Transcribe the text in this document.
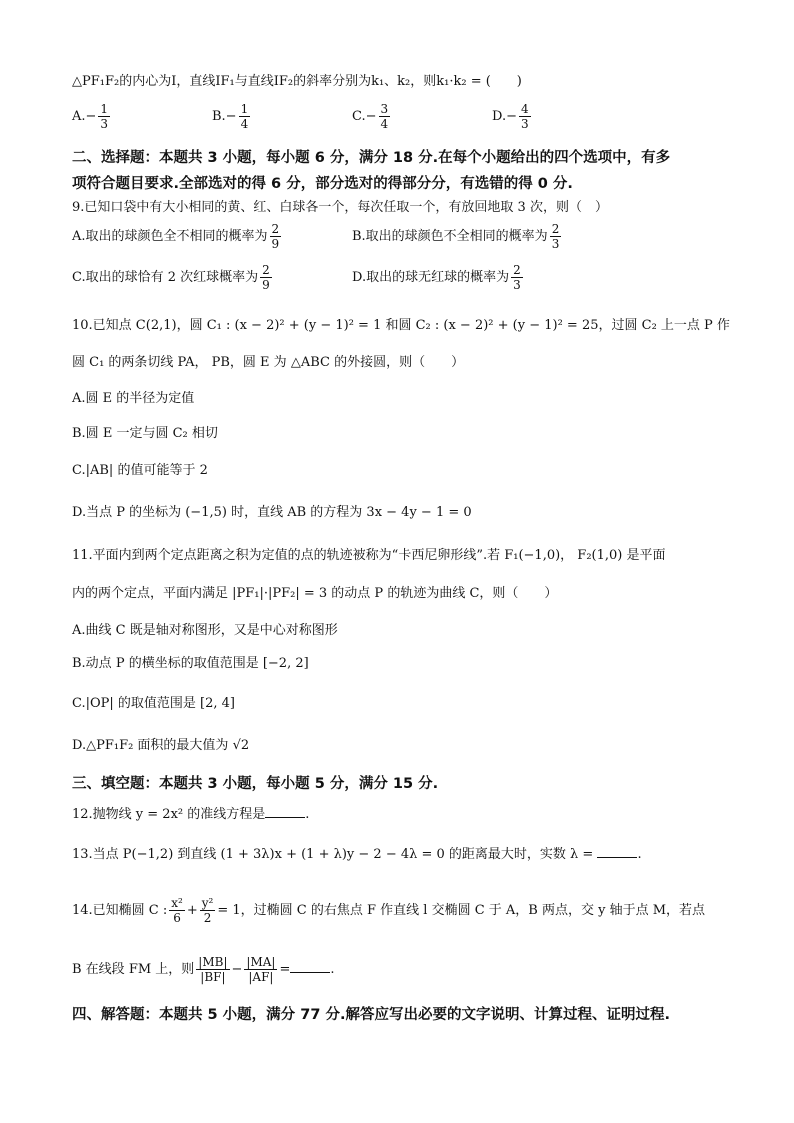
△PF₁F₂的内心为I，直线IF₁与直线IF₂的斜率分别为k₁、k₂，则k₁·k₂ = (　　)
$A.- \frac{1}{3}$	$B.- \frac{1}{4}$	$C.- \frac{3}{4}$	$D.- \frac{4}{3}$
二、选择题：本题共 3 小题，每小题 6 分，满分 18 分.在每个小题给出的四个选项中，有多
项符合题目要求.全部选对的得 6 分，部分选对的得部分分，有选错的得 0 分.
9.已知口袋中有大小相同的黄、红、白球各一个，每次任取一个，有放回地取 3 次，则（　）
A.取出的球颜色全不相同的概率为 $\frac{2}{9}$	B.取出的球颜色不全相同的概率为 $\frac{2}{3}$
C.取出的球恰有 2 次红球概率为 $\frac{2}{9}$	D.取出的球无红球的概率为 $\frac{2}{3}$
10.已知点 C(2,1)，圆 C₁ : (x − 2)² + (y − 1)² = 1 和圆 C₂ : (x − 2)² + (y − 1)² = 25，过圆 C₂ 上一点 P 作
圆 C₁ 的两条切线 PA， PB，圆 E 为 △ABC 的外接圆，则（　　）
A.圆 E 的半径为定值
B.圆 E 一定与圆 C₂ 相切
C.|AB| 的值可能等于 2
D.当点 P 的坐标为 (−1,5) 时，直线 AB 的方程为 3x − 4y − 1 = 0
11.平面内到两个定点距离之积为定值的点的轨迹被称为“卡西尼卵形线”.若 F₁(−1,0)， F₂(1,0) 是平面
内的两个定点，平面内满足 |PF₁|·|PF₂| = 3 的动点 P 的轨迹为曲线 C，则（　　）
A.曲线 C 既是轴对称图形，又是中心对称图形
B.动点 P 的横坐标的取值范围是 [−2, 2]
C.|OP| 的取值范围是 [2, 4]
D.△PF₁F₂ 面积的最大值为 √2
三、填空题：本题共 3 小题，每小题 5 分，满分 15 分.
12.抛物线 y = 2x² 的准线方程是	.
13.当点 P(−1,2) 到直线 (1 + 3λ)x + (1 + λ)y − 2 − 4λ = 0 的距离最大时，实数 λ =	.
14.已知椭圆 C : $\frac{\text{x²}}{6} + \frac{\text{y²}}{2} = 1$，过椭圆 C 的右焦点 F 作直线 l 交椭圆 C 于 A，B 两点，交 y 轴于点 M，若点
B 在线段 FM 上，则 $\frac{|MB|}{|BF|} - \frac{|MA|}{|AF|}$ =	.
四、解答题：本题共 5 小题，满分 77 分.解答应写出必要的文字说明、计算过程、证明过程.
